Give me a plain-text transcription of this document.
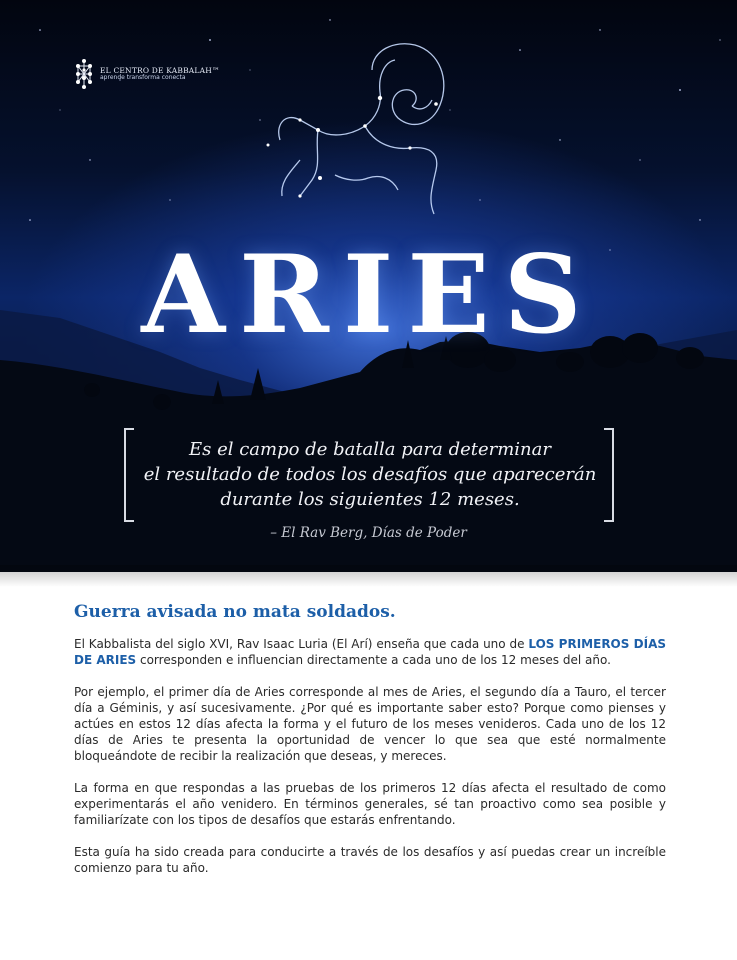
EL CENTRO DE KABBALAH™
aprende transforma conecta
ARIES
Es el campo de batalla para determinar
el resultado de todos los desafíos que aparecerán
durante los siguientes 12 meses.
– El Rav Berg, Días de Poder
Guerra avisada no mata soldados.

El Kabbalista del siglo XVI, Rav Isaac Luria (El Arí) enseña que cada uno de LOS PRIMEROS DÍAS DE ARIES corresponden e influencian directamente a cada uno de los 12 meses del año.

Por ejemplo, el primer día de Aries corresponde al mes de Aries, el segundo día a Tauro, el tercer día a Géminis, y así sucesivamente. ¿Por qué es importante saber esto? Porque como pienses y actúes en estos 12 días afecta la forma y el futuro de los meses venideros. Cada uno de los 12 días de Aries te presenta la oportunidad de vencer lo que sea que esté normalmente bloqueándote de recibir la realización que deseas, y mereces.

La forma en que respondas a las pruebas de los primeros 12 días afecta el resultado de como experimentarás el año venidero. En términos generales, sé tan proactivo como sea posible y familiarízate con los tipos de desafíos que estarás enfrentando.

Esta guía ha sido creada para conducirte a través de los desafíos y así puedas crear un increíble comienzo para tu año.
